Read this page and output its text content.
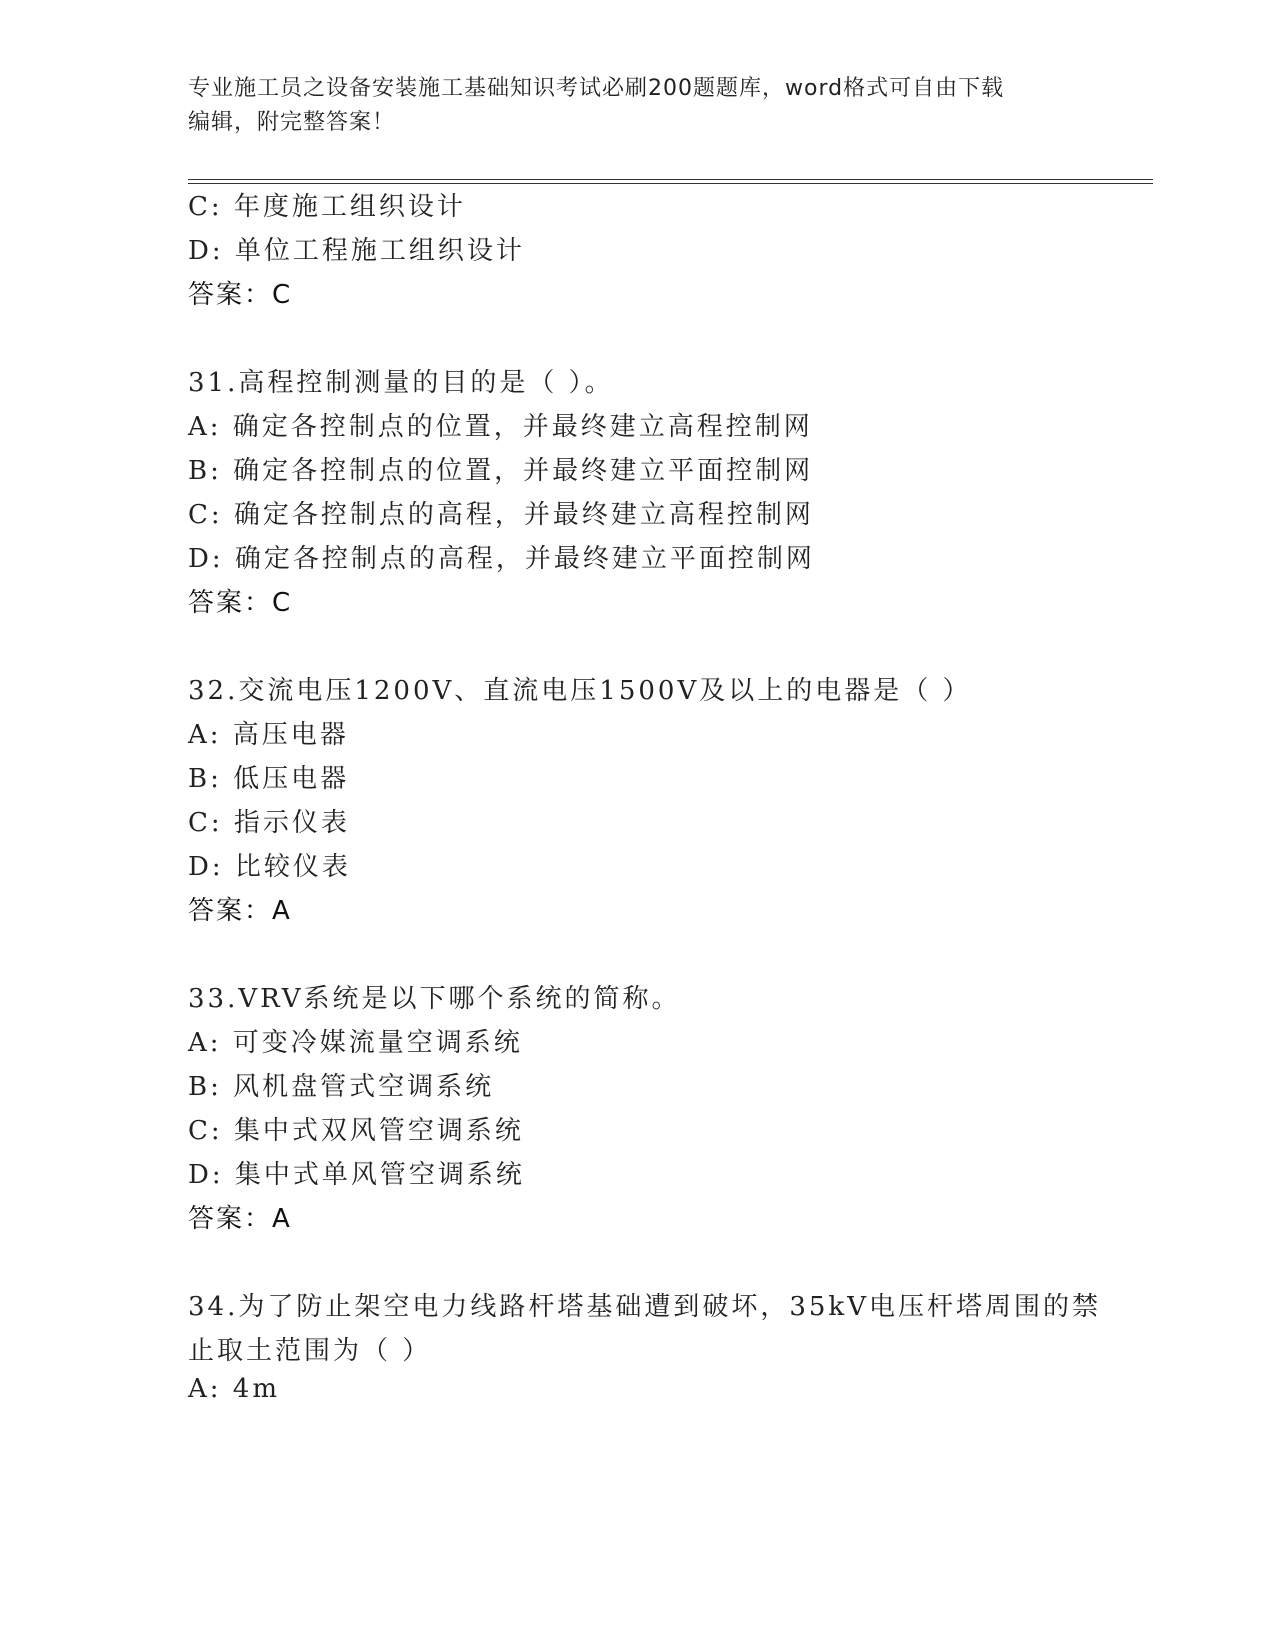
专业施工员之设备安装施工基础知识考试必刷200题题库，word格式可自由下载
编辑，附完整答案！
C: 年度施工组织设计
D: 单位工程施工组织设计
答案：C
31.高程控制测量的目的是（ ）。
A: 确定各控制点的位置，并最终建立高程控制网
B: 确定各控制点的位置，并最终建立平面控制网
C: 确定各控制点的高程，并最终建立高程控制网
D: 确定各控制点的高程，并最终建立平面控制网
答案：C
32.交流电压1200V、直流电压1500V及以上的电器是（ ）
A: 高压电器
B: 低压电器
C: 指示仪表
D: 比较仪表
答案：A
33.VRV系统是以下哪个系统的简称。
A: 可变冷媒流量空调系统
B: 风机盘管式空调系统
C: 集中式双风管空调系统
D: 集中式单风管空调系统
答案：A
34.为了防止架空电力线路杆塔基础遭到破坏，35kV电压杆塔周围的禁
止取土范围为（ ）
A: 4m
